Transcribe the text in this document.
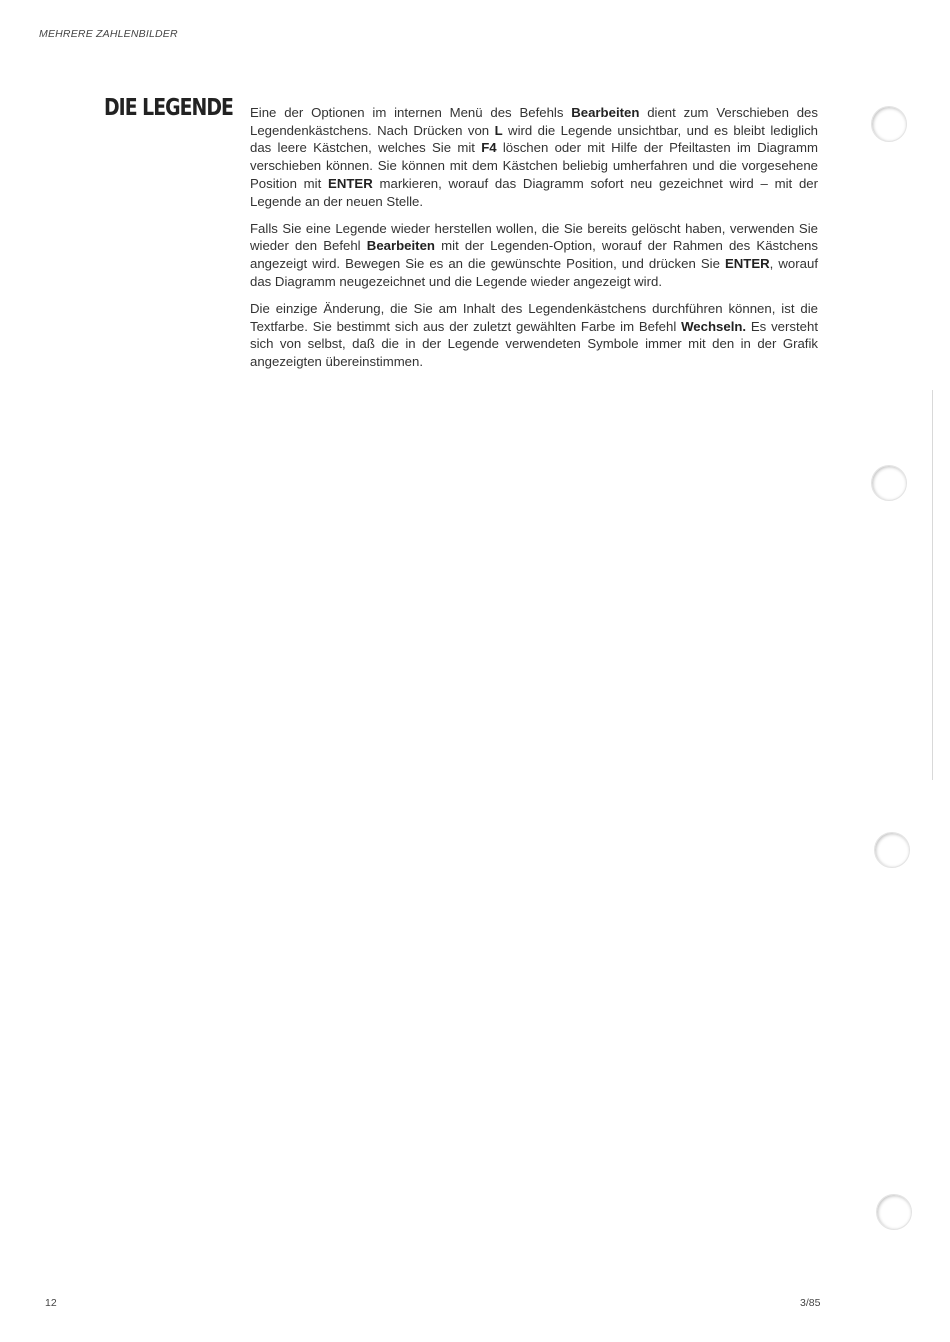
MEHRERE ZAHLENBILDER
DIE LEGENDE Eine der Optionen im internen Menü des Befehls Bearbeiten dient zum Verschieben des Legendenkästchens. Nach Drücken von L wird die Legende unsichtbar, und es bleibt lediglich das leere Kästchen, welches Sie mit F4 löschen oder mit Hilfe der Pfeiltasten im Diagramm verschieben können. Sie können mit dem Kästchen beliebig umherfahren und die vorgesehene Position mit ENTER markieren, worauf das Diagramm sofort neu gezeichnet wird – mit der Legende an der neuen Stelle.

Falls Sie eine Legende wieder herstellen wollen, die Sie bereits gelöscht haben, verwenden Sie wieder den Befehl Bearbeiten mit der Legenden-Option, worauf der Rahmen des Kästchens angezeigt wird. Bewegen Sie es an die gewünschte Position, und drücken Sie ENTER, worauf das Diagramm neugezeichnet und die Legende wieder angezeigt wird.

Die einzige Änderung, die Sie am Inhalt des Legendenkästchens durchführen können, ist die Textfarbe. Sie bestimmt sich aus der zuletzt gewählten Farbe im Befehl Wechseln. Es versteht sich von selbst, daß die in der Legende verwendeten Symbole immer mit den in der Grafik angezeigten übereinstimmen.

12	3/85
